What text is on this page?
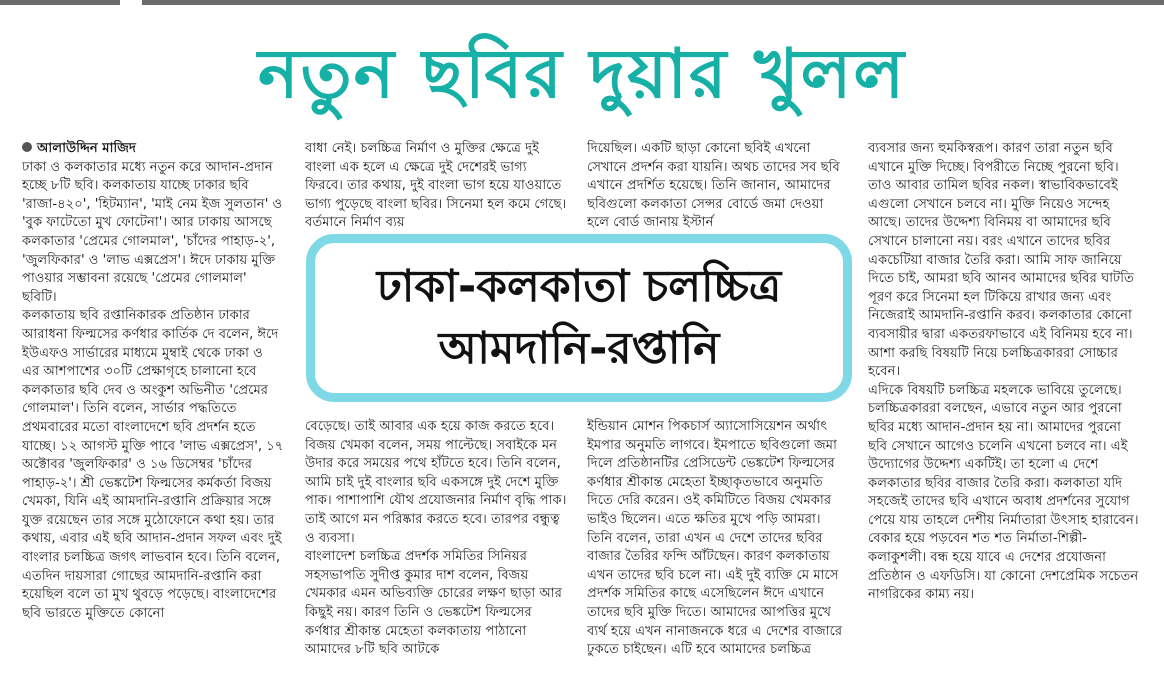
নতুন ছবির দুয়ার খুলল

আলাউদ্দিন মাজিদ

ঢাকা ও কলকাতার মধ্যে নতুন করে আদান-প্রদান হচ্ছে ৮টি ছবি। কলকাতায় যাচ্ছে ঢাকার ছবি 'রাজা-৪২০', 'হিটম্যান', 'মাই নেম ইজ সুলতান' ও 'বুক ফাটেতো মুখ ফোটেনা'। আর ঢাকায় আসছে কলকাতার 'প্রেমের গোলমাল', 'চাঁদের পাহাড়-২', 'জুলফিকার' ও 'লাভ এক্সপ্রেস'। ঈদে ঢাকায় মুক্তি পাওয়ার সম্ভাবনা রয়েছে 'প্রেমের গোলমাল' ছবিটি।

কলকাতায় ছবি রপ্তানিকারক প্রতিষ্ঠান ঢাকার আরাধনা ফিল্মসের কর্ণধার কার্তিক দে বলেন, ঈদে ইউএফও সার্ভারের মাধ্যমে মুম্বাই থেকে ঢাকা ও এর আশপাশের ৩০টি প্রেক্ষাগৃহে চালানো হবে কলকাতার ছবি দেব ও অংকুশ অভিনীত 'প্রেমের গোলমাল'। তিনি বলেন, সার্ভার পদ্ধতিতে প্রথমবারের মতো বাংলাদেশে ছবি প্রদর্শন হতে যাচ্ছে। ১২ আগস্ট মুক্তি পাবে 'লাভ এক্সপ্রেস', ১৭ অক্টোবর 'জুলফিকার' ও ১৬ ডিসেম্বর 'চাঁদের পাহাড়-২'। শ্রী ভেঙ্কটেশ ফিল্মসের কর্মকর্তা বিজয় খেমকা, যিনি এই আমদানি-রপ্তানি প্রক্রিয়ার সঙ্গে যুক্ত রয়েছেন তার সঙ্গে মুঠোফোনে কথা হয়। তার কথায়, এবার এই ছবি আদান-প্রদান সফল এবং দুই বাংলার চলচ্চিত্র জগৎ লাভবান হবে। তিনি বলেন, এতদিন দায়সারা গোছের আমদানি-রপ্তানি করা হয়েছিল বলে তা মুখ থুবড়ে পড়েছে। বাংলাদেশের ছবি ভারতে মুক্তিতে কোনো

বাধা নেই। চলচ্চিত্র নির্মাণ ও মুক্তির ক্ষেত্রে দুই বাংলা এক হলে এ ক্ষেত্রে দুই দেশেরই ভাগ্য ফিরবে। তার কথায়, দুই বাংলা ভাগ হয়ে যাওয়াতে ভাগ্য পুড়েছে বাংলা ছবির। সিনেমা হল কমে গেছে। বর্তমানে নির্মাণ ব্যয়

দিয়েছিল। একটি ছাড়া কোনো ছবিই এখনো সেখানে প্রদর্শন করা যায়নি। অথচ তাদের সব ছবি এখানে প্রদর্শিত হয়েছে। তিনি জানান, আমাদের ছবিগুলো কলকাতা সেন্সর বোর্ডে জমা দেওয়া হলে বোর্ড জানায় ইস্টার্ন

ব্যবসার জন্য হুমকিস্বরূপ। কারণ তারা নতুন ছবি এখানে মুক্তি দিচ্ছে। বিপরীতে নিচ্ছে পুরনো ছবি। তাও আবার তামিল ছবির নকল। স্বাভাবিকভাবেই এগুলো সেখানে চলবে না। মুক্তি নিয়েও সন্দেহ আছে। তাদের উদ্দেশ্য বিনিময় বা আমাদের ছবি সেখানে চালানো নয়। বরং এখানে তাদের ছবির একচেটিয়া বাজার তৈরি করা। আমি সাফ জানিয়ে দিতে চাই, আমরা ছবি আনব আমাদের ছবির ঘাটতি পূরণ করে সিনেমা হল টিকিয়ে রাখার জন্য এবং নিজেরাই আমদানি-রপ্তানি করব। কলকাতার কোনো ব্যবসায়ীর দ্বারা একতরফাভাবে এই বিনিময় হবে না। আশা করছি বিষয়টি নিয়ে চলচ্চিত্রকাররা সোচ্চার হবেন।

এদিকে বিষয়টি চলচ্চিত্র মহলকে ভাবিয়ে তুলেছে। চলচ্চিত্রকাররা বলছেন, এভাবে নতুন আর পুরনো ছবির মধ্যে আদান-প্রদান হয় না। আমাদের পুরনো ছবি সেখানে আগেও চলেনি এখনো চলবে না। এই উদ্যোগের উদ্দেশ্য একটিই। তা হলো এ দেশে কলকাতার ছবির বাজার তৈরি করা। কলকাতা যদি সহজেই তাদের ছবি এখানে অবাধ প্রদর্শনের সুযোগ পেয়ে যায় তাহলে দেশীয় নির্মাতারা উৎসাহ হারাবেন। বেকার হয়ে পড়বেন শত শত নির্মাতা-শিল্পী-কলাকুশলী। বন্ধ হয়ে যাবে এ দেশের প্রযোজনা প্রতিষ্ঠান ও এফডিসি। যা কোনো দেশপ্রেমিক সচেতন নাগরিকের কাম্য নয়।

ঢাকা-কলকাতা চলচ্চিত্র
আমদানি-রপ্তানি

বেড়েছে। তাই আবার এক হয়ে কাজ করতে হবে। বিজয় খেমকা বলেন, সময় পাল্টেছে। সবাইকে মন উদার করে সময়ের পথে হাঁটতে হবে। তিনি বলেন, আমি চাই দুই বাংলার ছবি একসঙ্গে দুই দেশে মুক্তি পাক। পাশাপাশি যৌথ প্রযোজনার নির্মাণ বৃদ্ধি পাক। তাই আগে মন পরিষ্কার করতে হবে। তারপর বন্ধুত্ব ও ব্যবসা।

বাংলাদেশ চলচ্চিত্র প্রদর্শক সমিতির সিনিয়র সহসভাপতি সুদীপ্ত কুমার দাশ বলেন, বিজয় খেমকার এমন অভিব্যক্তি চোরের লক্ষণ ছাড়া আর কিছুই নয়। কারণ তিনি ও ভেঙ্কটেশ ফিল্মসের কর্ণধার শ্রীকান্ত মেহেতা কলকাতায় পাঠানো আমাদের ৮টি ছবি আটকে

ইন্ডিয়ান মোশন পিকচার্স অ্যাসোসিয়েশন অর্থাৎ ইমপার অনুমতি লাগবে। ইমপাতে ছবিগুলো জমা দিলে প্রতিষ্ঠানটির প্রেসিডেন্ট ভেঙ্কটেশ ফিল্মসের কর্ণধার শ্রীকান্ত মেহেতা ইচ্ছাকৃতভাবে অনুমতি দিতে দেরি করেন। ওই কমিটিতে বিজয় খেমকার ভাইও ছিলেন। এতে ক্ষতির মুখে পড়ি আমরা। তিনি বলেন, তারা এখন এ দেশে তাদের ছবির বাজার তৈরির ফন্দি আঁটছেন। কারণ কলকাতায় এখন তাদের ছবি চলে না। এই দুই ব্যক্তি মে মাসে প্রদর্শক সমিতির কাছে এসেছিলেন ঈদে এখানে তাদের ছবি মুক্তি দিতে। আমাদের আপত্তির মুখে ব্যর্থ হয়ে এখন নানাজনকে ধরে এ দেশের বাজারে ঢুকতে চাইছেন। এটি হবে আমাদের চলচ্চিত্র
